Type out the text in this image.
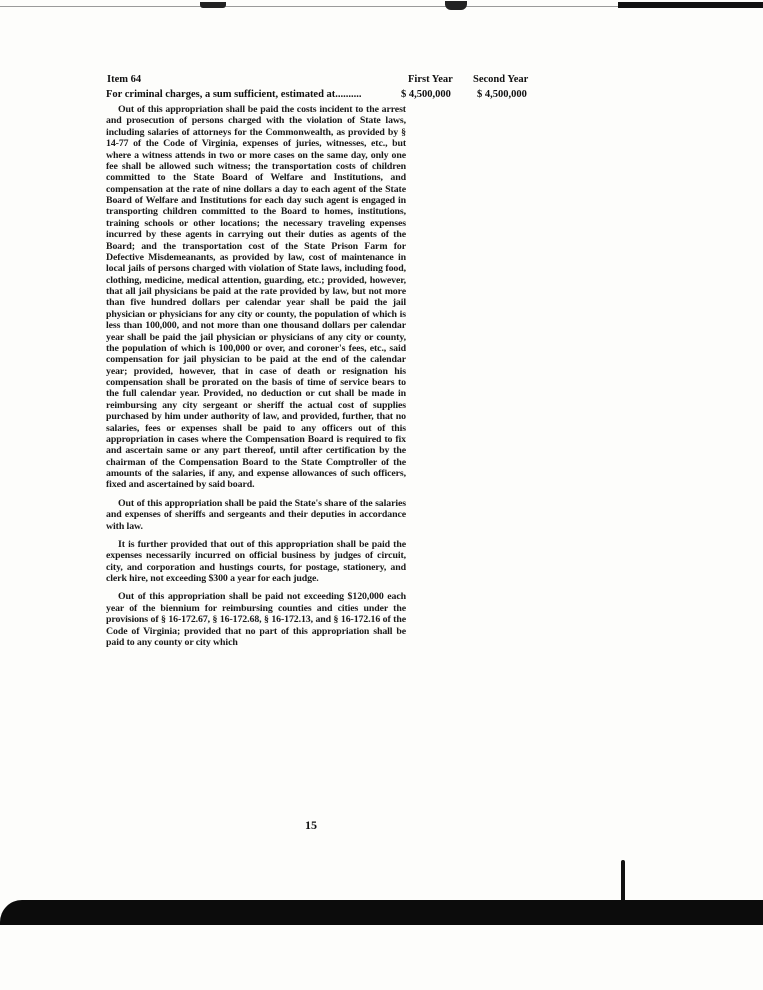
Item 64	First Year Second Year
For criminal charges, a sum sufficient, estimated at..........	$ 4,500,000 $ 4,500,000

Out of this appropriation shall be paid the costs incident to the arrest and prosecution of persons charged with the violation of State laws, including salaries of attorneys for the Commonwealth, as provided by § 14-77 of the Code of Virginia, expenses of juries, witnesses, etc., but where a witness attends in two or more cases on the same day, only one fee shall be allowed such witness; the transportation costs of children committed to the State Board of Welfare and Institutions, and compensation at the rate of nine dollars a day to each agent of the State Board of Welfare and Institutions for each day such agent is engaged in transporting children committed to the Board to homes, institutions, training schools or other locations; the necessary traveling expenses incurred by these agents in carrying out their duties as agents of the Board; and the transportation cost of the State Prison Farm for Defective Misdemeanants, as provided by law, cost of maintenance in local jails of persons charged with violation of State laws, including food, clothing, medicine, medical attention, guarding, etc.; provided, however, that all jail physicians be paid at the rate provided by law, but not more than five hundred dollars per calendar year shall be paid the jail physician or physicians for any city or county, the population of which is less than 100,000, and not more than one thousand dollars per calendar year shall be paid the jail physician or physicians of any city or county, the population of which is 100,000 or over, and coroner's fees, etc., said compensation for jail physician to be paid at the end of the calendar year; provided, however, that in case of death or resignation his compensation shall be prorated on the basis of time of service bears to the full calendar year. Provided, no deduction or cut shall be made in reimbursing any city sergeant or sheriff the actual cost of supplies purchased by him under authority of law, and provided, further, that no salaries, fees or expenses shall be paid to any officers out of this appropriation in cases where the Compensation Board is required to fix and ascertain same or any part thereof, until after certification by the chairman of the Compensation Board to the State Comptroller of the amounts of the salaries, if any, and expense allowances of such officers, fixed and ascertained by said board.

Out of this appropriation shall be paid the State's share of the salaries and expenses of sheriffs and sergeants and their deputies in accordance with law.

It is further provided that out of this appropriation shall be paid the expenses necessarily incurred on official business by judges of circuit, city, and corporation and hustings courts, for postage, stationery, and clerk hire, not exceeding $300 a year for each judge.

Out of this appropriation shall be paid not exceeding $120,000 each year of the biennium for reimbursing counties and cities under the provisions of § 16-172.67, § 16-172.68, § 16-172.13, and § 16-172.16 of the Code of Virginia; provided that no part of this appropriation shall be paid to any county or city which

15
